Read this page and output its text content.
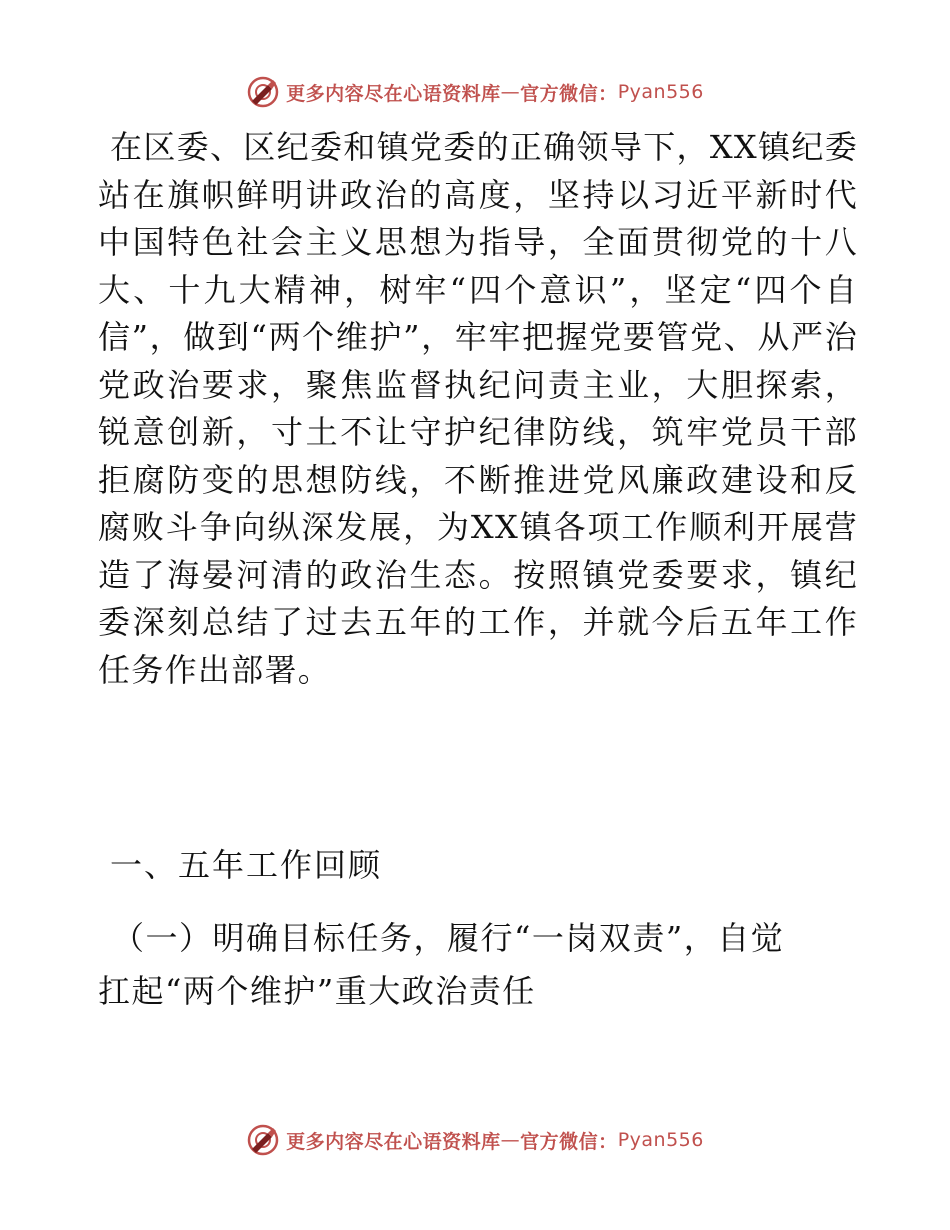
更多内容尽在心语资料库 — 官方微信： Pyan556

在区委、区纪委和镇党委的正确领导下，XX镇纪委站在旗帜鲜明讲政治的高度，坚持以习近平新时代中国特色社会主义思想为指导，全面贯彻党的十八大、十九大精神，树牢“四个意识”，坚定“四个自信”，做到“两个维护”，牢牢把握党要管党、从严治党政治要求，聚焦监督执纪问责主业，大胆探索，锐意创新，寸土不让守护纪律防线，筑牢党员干部拒腐防变的思想防线，不断推进党风廉政建设和反腐败斗争向纵深发展，为XX镇各项工作顺利开展营造了海晏河清的政治生态。按照镇党委要求，镇纪委深刻总结了过去五年的工作，并就今后五年工作任务作出部署。

一、五年工作回顾
（一）明确目标任务，履行“一岗双责”，自觉
扛起“两个维护”重大政治责任
更多内容尽在心语资料库 — 官方微信： Pyan556
